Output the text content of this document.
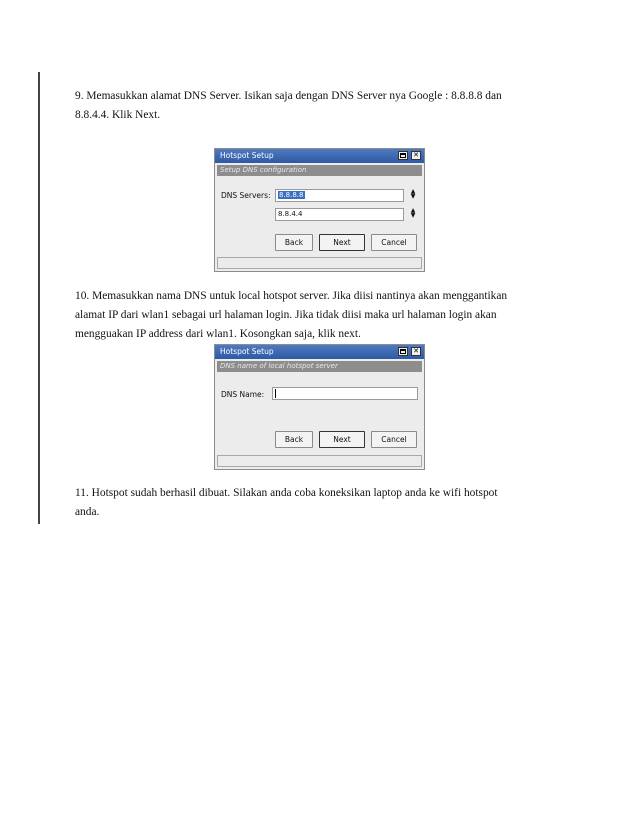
9. Memasukkan alamat DNS Server. Isikan saja dengan DNS Server nya Google : 8.8.8.8 dan
8.8.4.4. Klik Next.
Hotspot Setup	✕
Setup DNS configuration
DNS Servers:	8.8.8.8	▲
▼
8.8.4.4	▲
▼
Back	Next	Cancel
10. Memasukkan nama DNS untuk local hotspot server. Jika diisi nantinya akan menggantikan
alamat IP dari wlan1 sebagai url halaman login. Jika tidak diisi maka url halaman login akan
mengguakan IP address dari wlan1. Kosongkan saja, klik next.
Hotspot Setup	✕
DNS name of local hotspot server
DNS Name:
Back	Next	Cancel
11. Hotspot sudah berhasil dibuat. Silakan anda coba koneksikan laptop anda ke wifi hotspot
anda.
